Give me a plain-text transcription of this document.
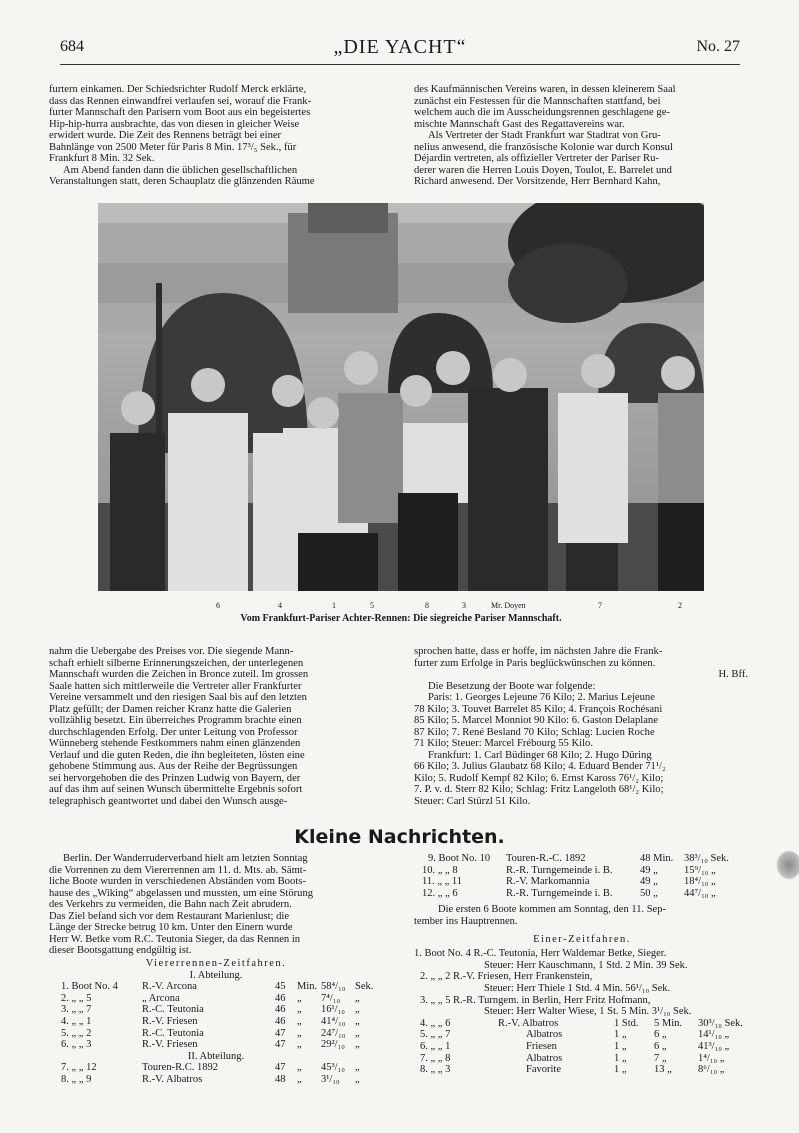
684	„DIE YACHT“	No. 27

furtern einkamen. Der Schiedsrichter Rudolf Merck erklärte,

dass das Rennen einwandfrei verlaufen sei, worauf die Frank-

furter Mannschaft den Parisern vom Boot aus ein begeistertes

Hip-hip-hurra ausbrachte, das von diesen in gleicher Weise

erwidert wurde. Die Zeit des Rennens beträgt bei einer

Bahnlänge von 2500 Meter für Paris 8 Min. 17³/₅ Sek., für

Frankfurt 8 Min. 32 Sek.

Am Abend fanden dann die üblichen gesellschaftlichen

Veranstaltungen statt, deren Schauplatz die glänzenden Räume

des Kaufmännischen Vereins waren, in dessen kleinerem Saal

zunächst ein Festessen für die Mannschaften stattfand, bei

welchem auch die im Ausscheidungsrennen geschlagene ge-

mischte Mannschaft Gast des Regattavereins war.

Als Vertreter der Stadt Frankfurt war Stadtrat von Gru-

nelius anwesend, die französische Kolonie war durch Konsul

Déjardin vertreten, als offizieller Vertreter der Pariser Ru-

derer waren die Herren Louis Doyen, Toulot, E. Barrelet und

Richard anwesend. Der Vorsitzende, Herr Bernhard Kahn,

6	4	1	5	8	3	Mr. Doyen	7	2
Vom Frankfurt-Pariser Achter-Rennen: Die siegreiche Pariser Mannschaft.

nahm die Uebergabe des Preises vor. Die siegende Mann-

schaft erhielt silberne Erinnerungszeichen, der unterlegenen

Mannschaft wurden die Zeichen in Bronce zuteil. Im grossen

Saale hatten sich mittlerweile die Vertreter aller Frankfurter

Vereine versammelt und den riesigen Saal bis auf den letzten

Platz gefüllt; der Damen reicher Kranz hatte die Galerien

vollzählig besetzt. Ein überreiches Programm brachte einen

durchschlagenden Erfolg. Der unter Leitung von Professor

Wünneberg stehende Festkommers nahm einen glänzenden

Verlauf und die guten Reden, die ihn begleiteten, lösten eine

gehobene Stimmung aus. Aus der Reihe der Begrüssungen

sei hervorgehoben die des Prinzen Ludwig von Bayern, der

auf das ihm auf seinen Wunsch übermittelte Ergebnis sofort

telegraphisch geantwortet und dabei den Wunsch ausge-

sprochen hatte, dass er hoffe, im nächsten Jahre die Frank-

furter zum Erfolge in Paris beglückwünschen zu können.

H. Bff.

Die Besetzung der Boote war folgende:

Paris: 1. Georges Lejeune 76 Kilo; 2. Marius Lejeune

78 Kilo; 3. Touvet Barrelet 85 Kilo; 4. François Rochésani

85 Kilo; 5. Marcel Monniot 90 Kilo: 6. Gaston Delaplane

87 Kilo; 7. René Besland 70 Kilo; Schlag: Lucien Roche

71 Kilo; Steuer: Marcel Frébourg 55 Kilo.

Frankfurt: 1. Carl Büdinger 68 Kilo; 2. Hugo Düring

66 Kilo; 3. Julius Glaubatz 68 Kilo; 4. Eduard Bender 71¹/₂

Kilo; 5. Rudolf Kempf 82 Kilo; 6. Ernst Kaross 76¹/₂ Kilo;

7. P. v. d. Sterr 82 Kilo; Schlag: Fritz Langeloth 68¹/₂ Kilo;

Steuer: Carl Stürzl 51 Kilo.

Kleine Nachrichten.

Berlin. Der Wanderruderverband hielt am letzten Sonntag

die Vorrennen zu dem Viererrennen am 11. d. Mts. ab. Sämt-

liche Boote wurden in verschiedenen Abständen vom Boots-

hause des „Wiking“ abgelassen und mussten, um eine Störung

des Verkehrs zu vermeiden, die Bahn nach Zeit abrudern.

Das Ziel befand sich vor dem Restaurant Marienlust; die

Länge der Strecke betrug 10 km. Unter den Einern wurde

Herr W. Betke vom R.C. Teutonia Sieger, da das Rennen in

dieser Bootsgattung endgültig ist.

Viererrennen-Zeitfahren.
I. Abteilung.
1. Boot No. 4 R.-V. Arcona	45 Min. 58⁴/₁₀ Sek.
2. „ „ 5	„ Arcona	46 „ 7⁴/₁₀ „
3. „ „ 7	R.-C. Teutonia	46 „ 16¹/₁₀ „
4. „ „ 1	R.-V. Friesen	46 „ 41⁴/₁₀ „
5. „ „ 2	R.-C. Teutonia	47 „ 24⁷/₁₀ „
6. „ „ 3	R.-V. Friesen	47 „ 29²/₁₀ „
II. Abteilung.
7. „ „ 12	Touren-R.C. 1892	47 „ 45³/₁₀ „
8. „ „ 9	R.-V. Albatros	48 „ 3¹/₁₀ „
9. Boot No. 10 Touren-R.-C. 1892	48 Min. 38³/₁₀ Sek.
10. „ „ 8	R.-R. Turngemeinde i. B.	49 „ 15⁹/₁₀ „
11. „ „ 11	R.-V. Markomannia	49 „ 18⁴/₁₀ „
12. „ „ 6	R.-R. Turngemeinde i. B.	50 „ 44⁷/₁₀ „
Die ersten 6 Boote kommen am Sonntag, den 11. Sep-
tember ins Hauptrennen.
Einer-Zeitfahren.
1. Boot No. 4 R.-C. Teutonia, Herr Waldemar Betke, Sieger.
Steuer: Herr Kauschmann, 1 Std. 2 Min. 39 Sek.
2. „ „ 2 R.-V. Friesen, Herr Frankenstein,
Steuer: Herr Thiele 1 Std. 4 Min. 56¹/₁₀ Sek.
3. „ „ 5 R.-R. Turngem. in Berlin, Herr Fritz Hofmann,
Steuer: Herr Walter Wiese, 1 St. 5 Min. 3¹/₁₀ Sek.
4. „ „ 6	R.-V. Albatros	1 Std. 5 Min. 30³/₁₀ Sek.
5. „ „ 7	Albatros	1 „	6 „	14¹/₁₀ „
6. „ „ 1	Friesen	1 „	6 „	41³/₁₀ „
7. „ „ 8	Albatros	1 „	7 „	1⁴/₁₀ „
8. „ „ 3	Favorite	1 „	13 „ 8⁶/₁₀ „
